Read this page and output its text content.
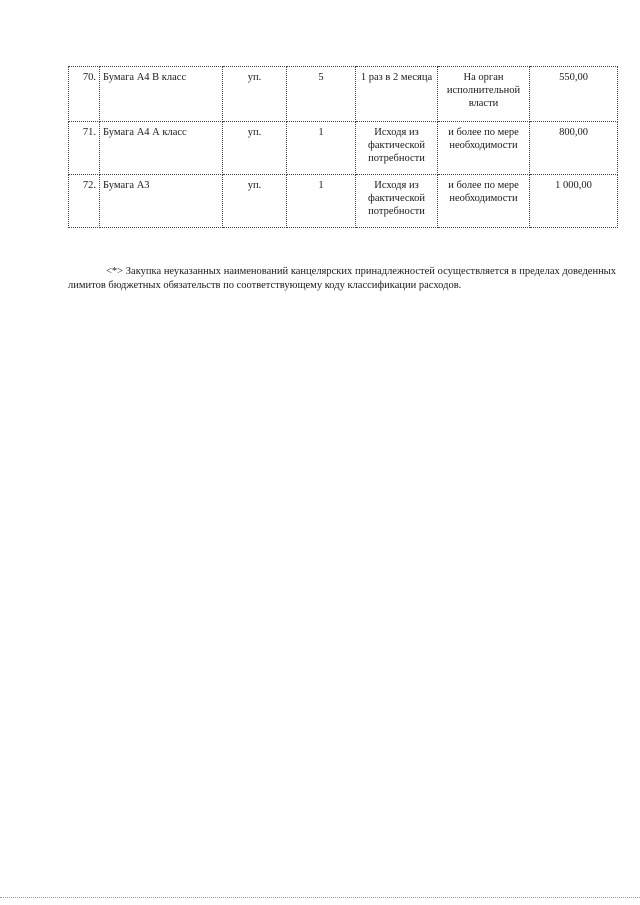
70.	Бумага А4 В класс	уп.	5	1 раз в 2 месяца	На орган исполнительной власти	550,00
71.	Бумага А4 А класс	уп.	1	Исходя из фактической потребности	и более по мере необходимости	800,00
72.	Бумага А3	уп.	1	Исходя из фактической потребности	и более по мере необходимости	1 000,00

<*> Закупка неуказанных наименований канцелярских принадлежностей осуществляется в пределах доведенных лимитов бюджетных обязательств по соответствующему коду классификации расходов.
